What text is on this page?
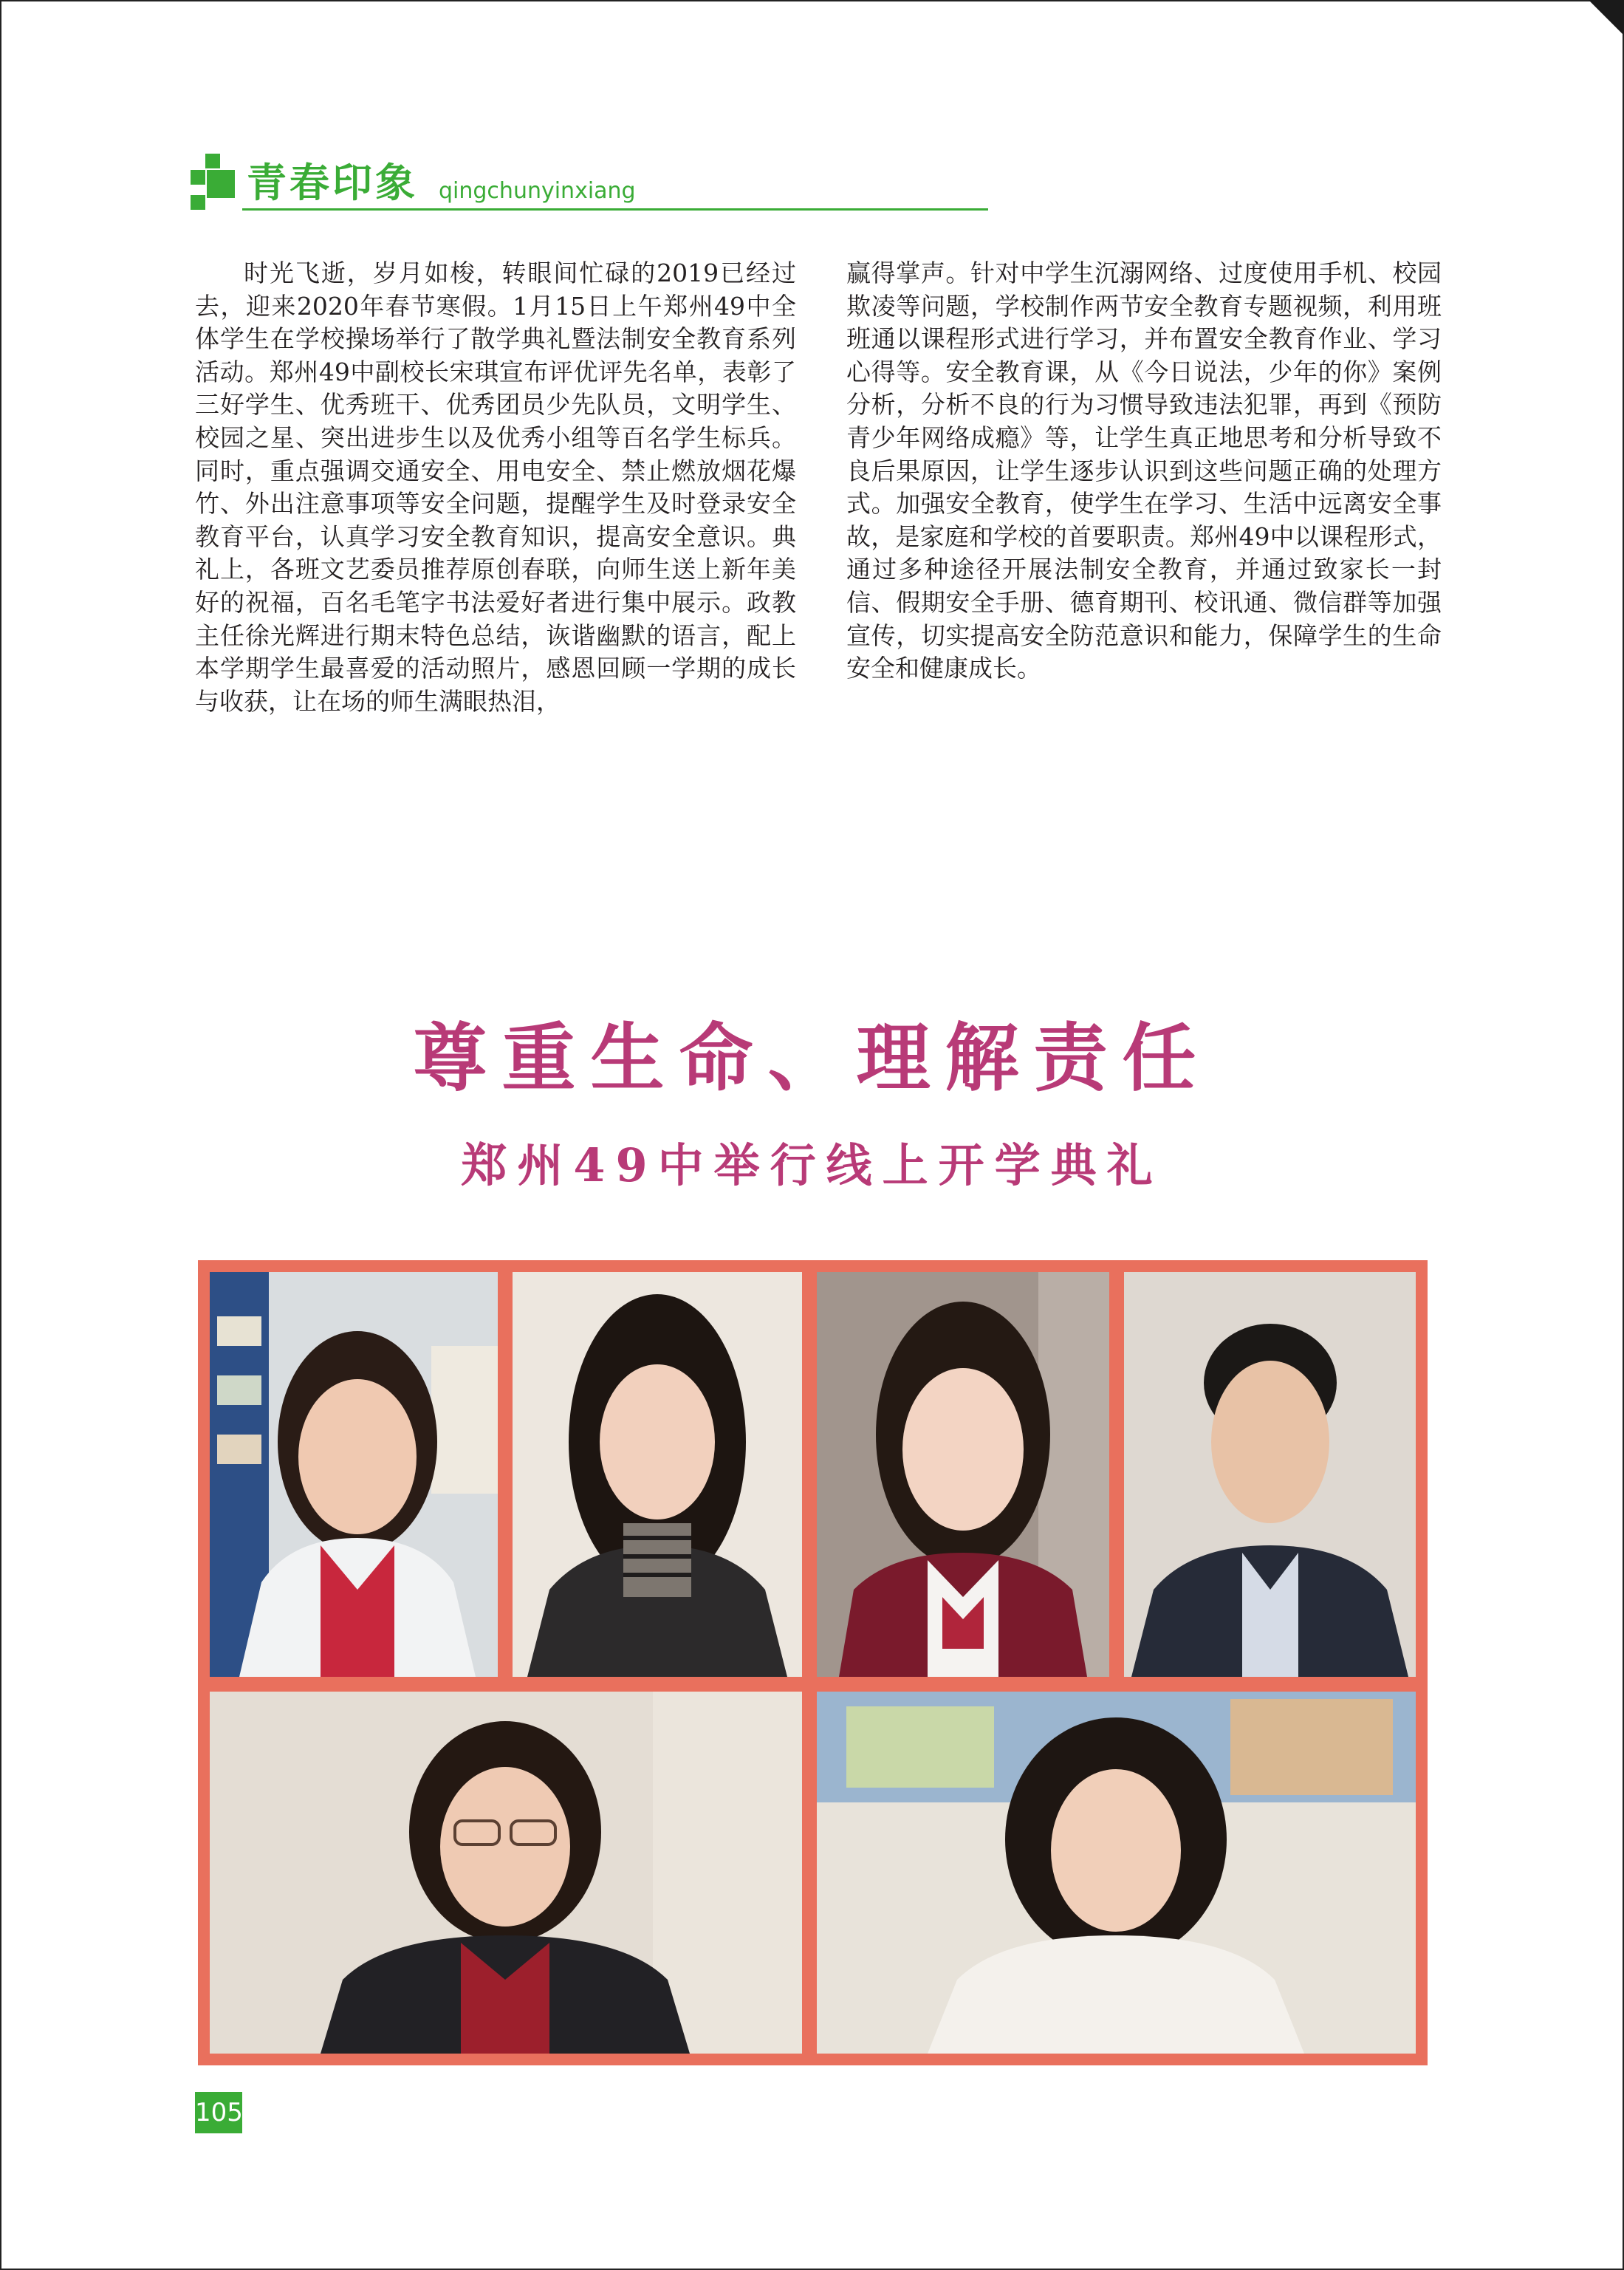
青春印象 qingchunyinxiang

时光飞逝，岁月如梭，转眼间忙碌的2019已经过去，迎来2020年春节寒假。1月15日上午郑州49中全体学生在学校操场举行了散学典礼暨法制安全教育系列活动。郑州49中副校长宋琪宣布评优评先名单，表彰了三好学生、优秀班干、优秀团员少先队员，文明学生、校园之星、突出进步生以及优秀小组等百名学生标兵。同时，重点强调交通安全、用电安全、禁止燃放烟花爆竹、外出注意事项等安全问题，提醒学生及时登录安全教育平台，认真学习安全教育知识，提高安全意识。典礼上，各班文艺委员推荐原创春联，向师生送上新年美好的祝福，百名毛笔字书法爱好者进行集中展示。政教主任徐光辉进行期末特色总结，诙谐幽默的语言，配上本学期学生最喜爱的活动照片，感恩回顾一学期的成长与收获，让在场的师生满眼热泪，

赢得掌声。针对中学生沉溺网络、过度使用手机、校园欺凌等问题，学校制作两节安全教育专题视频，利用班班通以课程形式进行学习，并布置安全教育作业、学习心得等。安全教育课，从《今日说法，少年的你》案例分析，分析不良的行为习惯导致违法犯罪，再到《预防青少年网络成瘾》等，让学生真正地思考和分析导致不良后果原因，让学生逐步认识到这些问题正确的处理方式。加强安全教育，使学生在学习、生活中远离安全事故，是家庭和学校的首要职责。郑州49中以课程形式，通过多种途径开展法制安全教育，并通过致家长一封信、假期安全手册、德育期刊、校讯通、微信群等加强宣传，切实提高安全防范意识和能力，保障学生的生命安全和健康成长。

尊重生命、理解责任
郑州49中举行线上开学典礼
105
